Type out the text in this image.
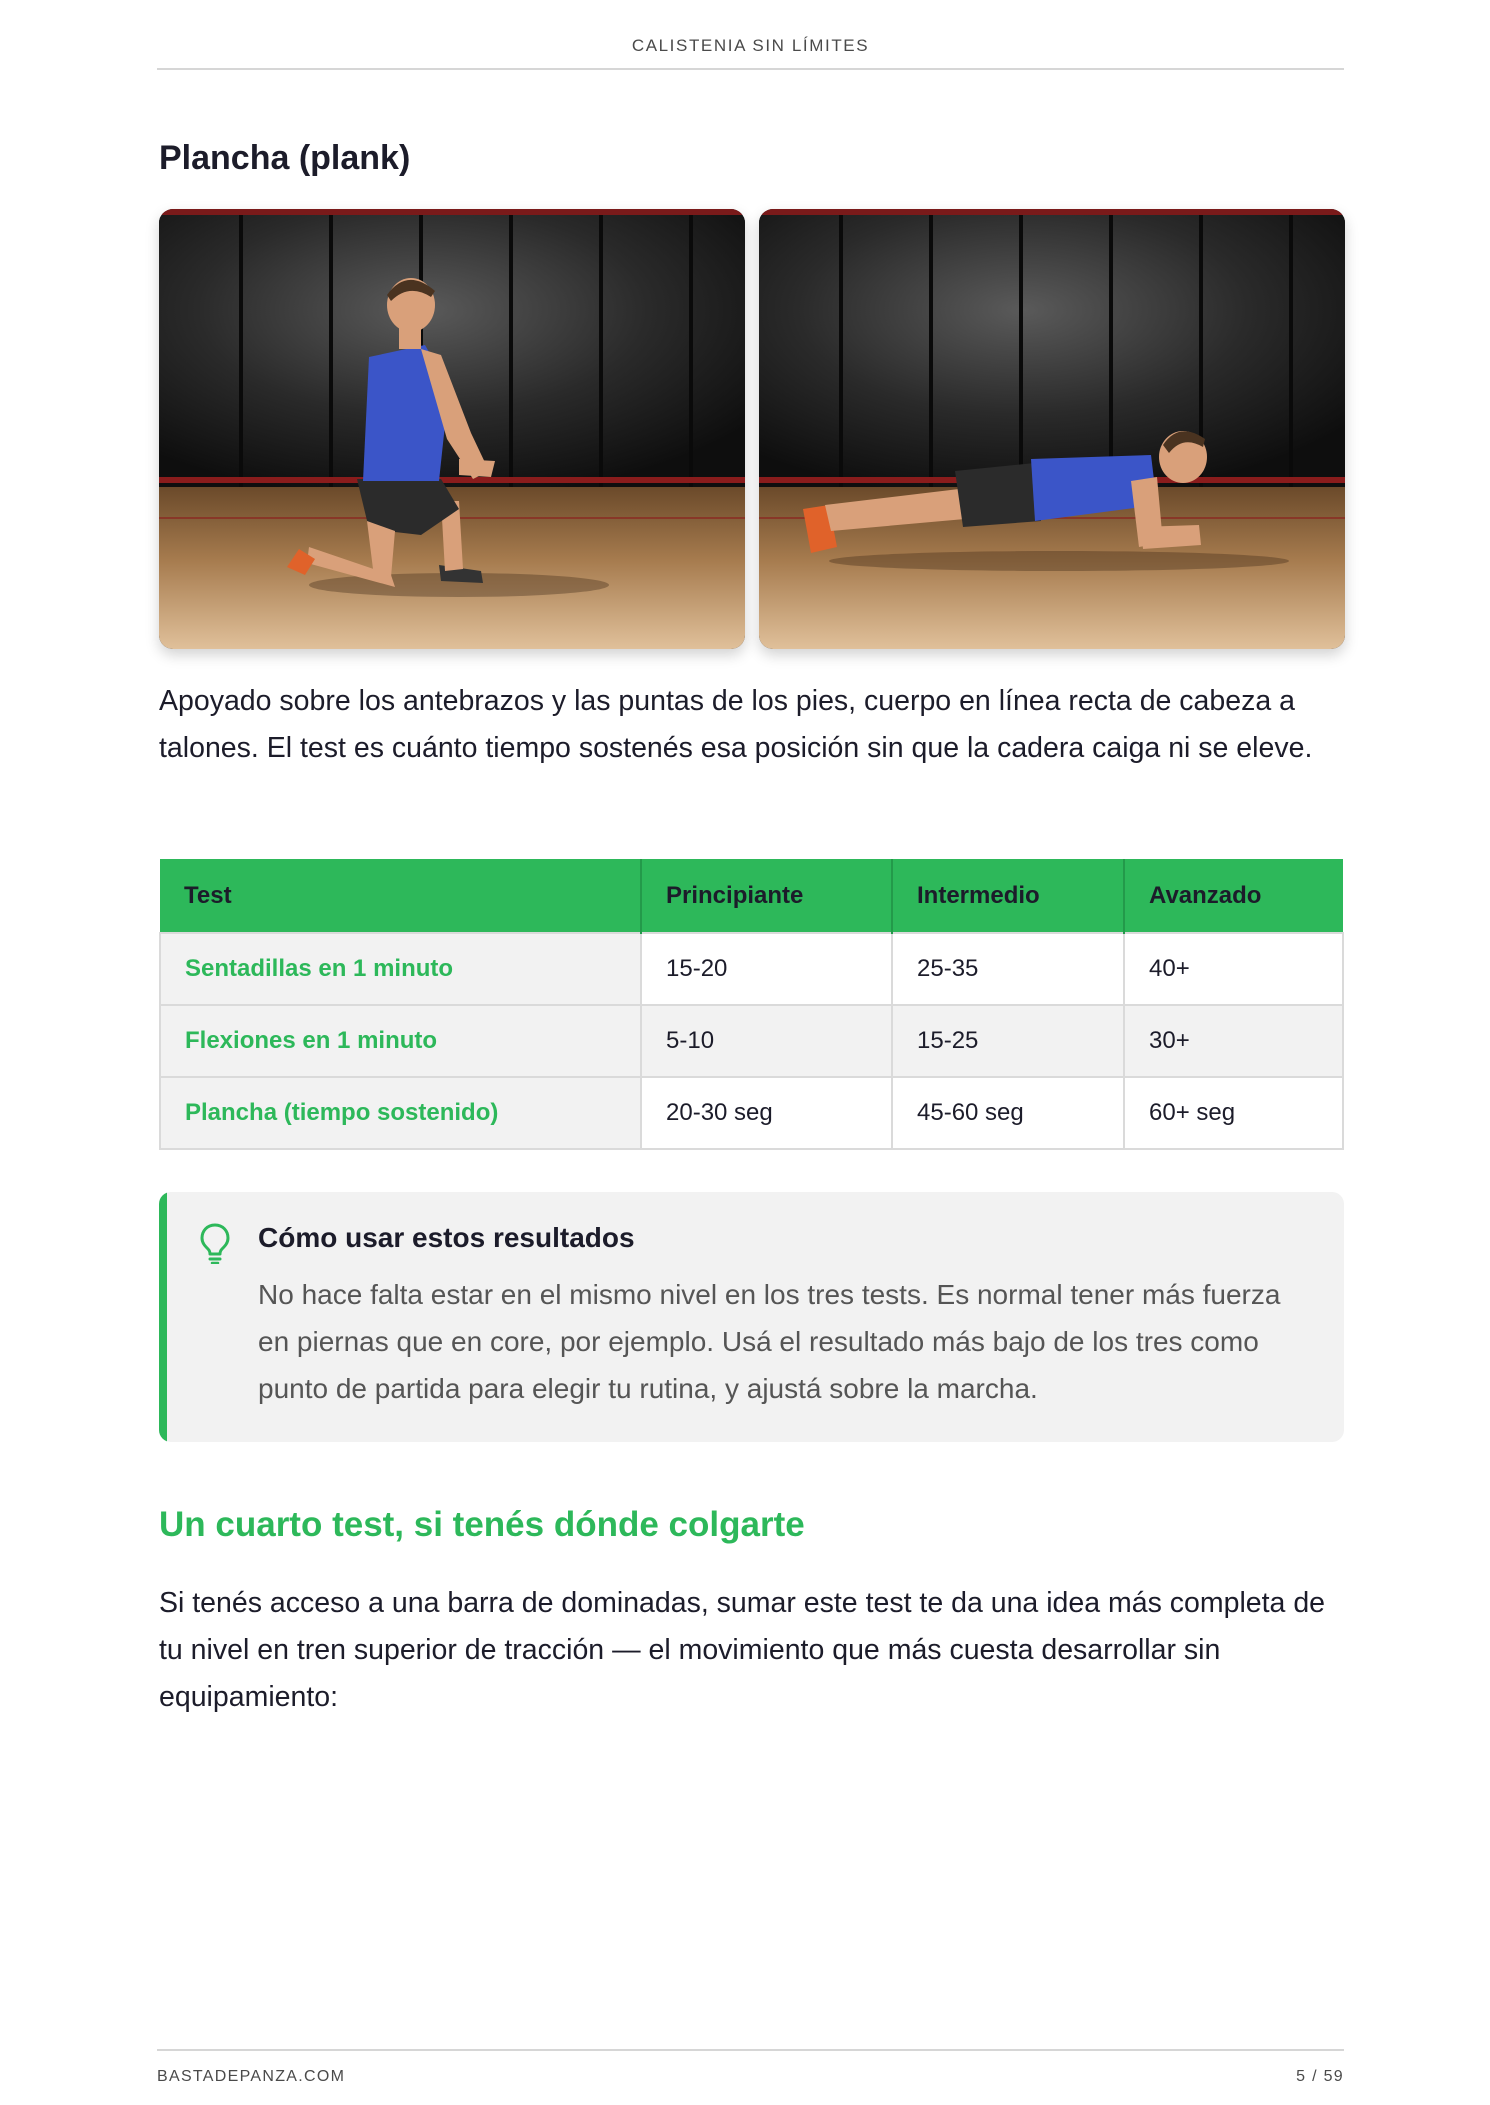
CALISTENIA SIN LÍMITES
Plancha (plank)

Apoyado sobre los antebrazos y las puntas de los pies, cuerpo en línea recta de cabeza a talones. El test es cuánto tiempo sostenés esa posición sin que la cadera caiga ni se eleve.

Test	Principiante	Intermedio	Avanzado
Sentadillas en 1 minuto	15-20	25-35	40+
Flexiones en 1 minuto	5-10	15-25	30+
Plancha (tiempo sostenido)	20-30 seg	45-60 seg	60+ seg
Cómo usar estos resultados

No hace falta estar en el mismo nivel en los tres tests. Es normal tener más fuerza en piernas que en core, por ejemplo. Usá el resultado más bajo de los tres como punto de partida para elegir tu rutina, y ajustá sobre la marcha.

Un cuarto test, si tenés dónde colgarte

Si tenés acceso a una barra de dominadas, sumar este test te da una idea más completa de tu nivel en tren superior de tracción — el movimiento que más cuesta desarrollar sin equipamiento:

BASTADEPANZA.COM	5 / 59
